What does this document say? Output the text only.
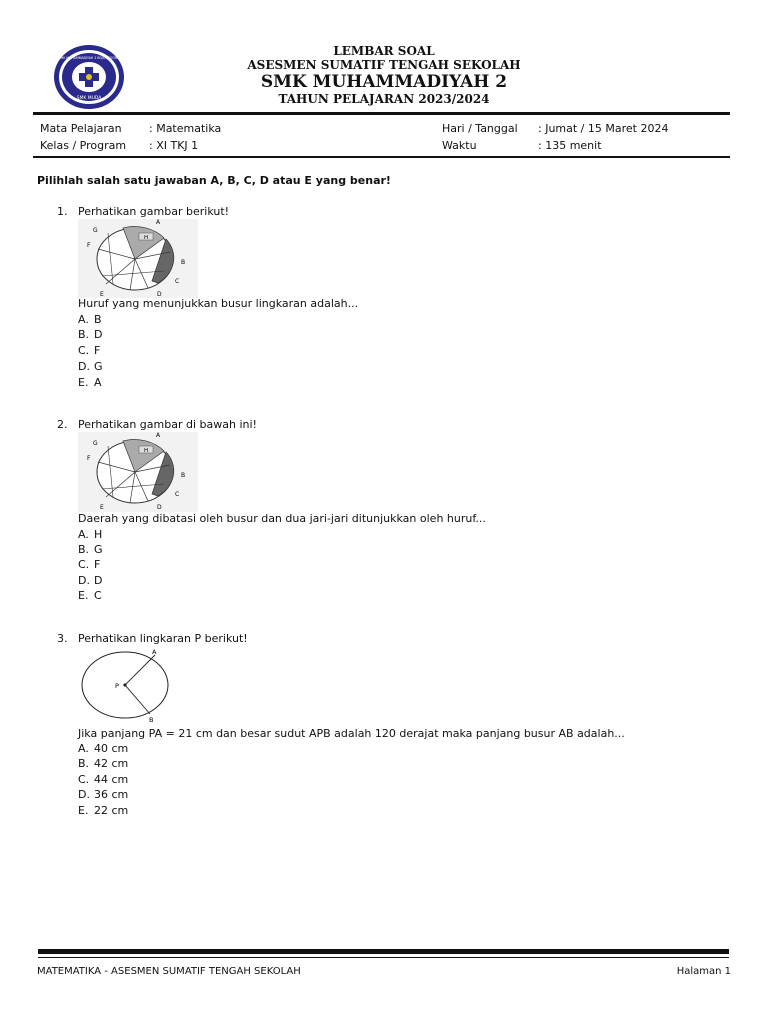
SMK MUHAMMADIYAH 2 BOJONEGORO
SMK MUDA
LEMBAR SOAL
ASESMEN SUMATIF TENGAH SEKOLAH
SMK MUHAMMADIYAH 2
TAHUN PELAJARAN 2023/2024
Mata Pelajaran : Matematika	Hari / Tanggal : Jumat / 15 Maret 2024
Kelas / Program : XI TKJ 1	Waktu	: 135 menit
Pilihlah salah satu jawaban A, B, C, D atau E yang benar!
1. Perhatikan gambar berikut!
H
A
B
C
D
E
F
G
Huruf yang menunjukkan busur lingkaran adalah...
A. B
B. D
C. F
D. G
E. A
2. Perhatikan gambar di bawah ini!
H
A
B
C
D
E
F
G
Daerah yang dibatasi oleh busur dan dua jari-jari ditunjukkan oleh huruf...
A. H
B. G
C. F
D. D
E. C
3. Perhatikan lingkaran P berikut!
A
P
B
Jika panjang PA = 21 cm dan besar sudut APB adalah 120 derajat maka panjang busur AB adalah...
A. 40 cm
B. 42 cm
C. 44 cm
D. 36 cm
E. 22 cm
MATEMATIKA - ASESMEN SUMATIF TENGAH SEKOLAH	Halaman 1
